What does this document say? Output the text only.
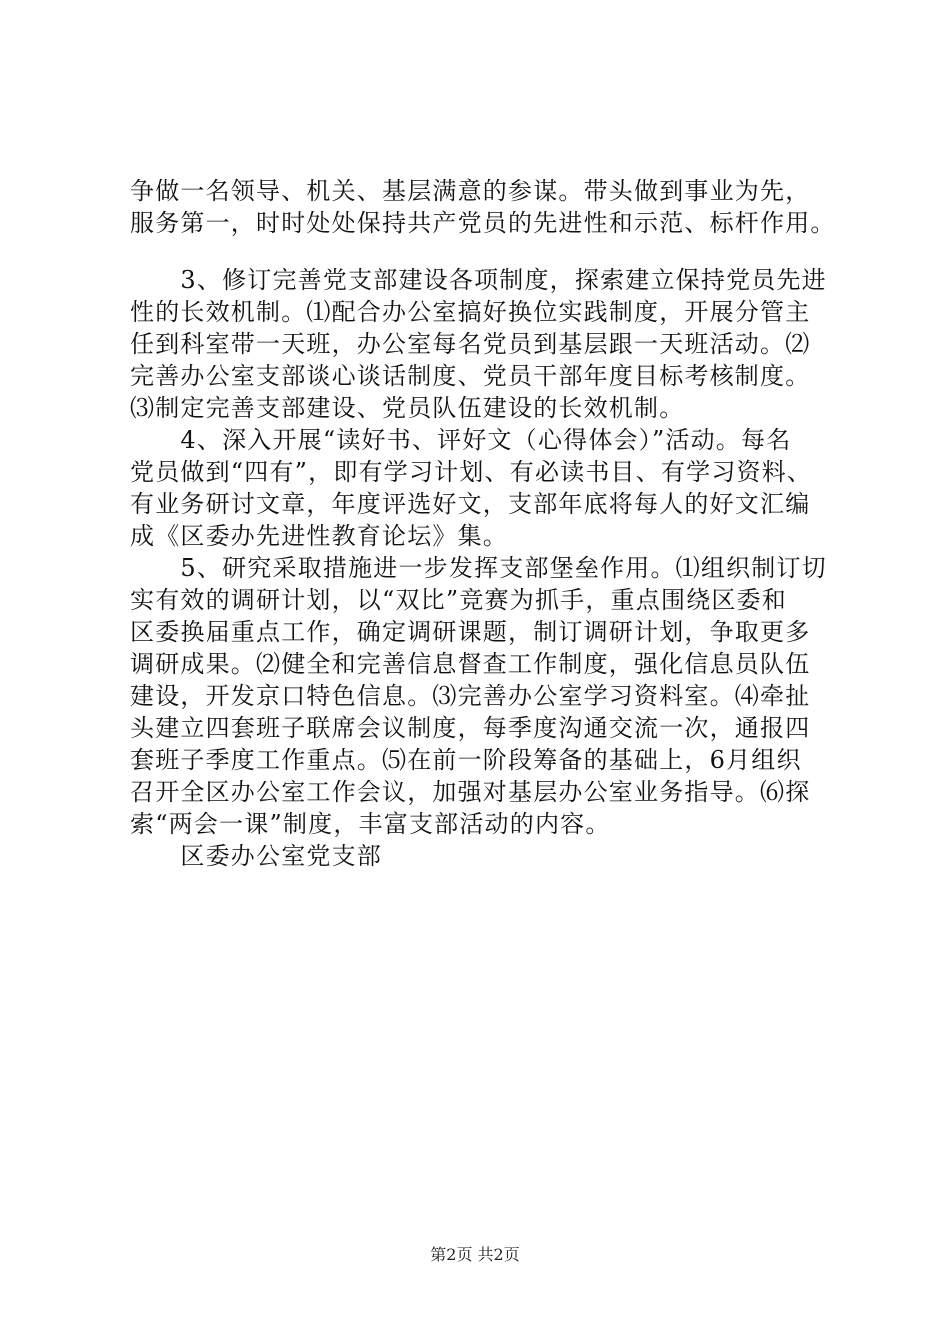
争做一名领导、机关、基层满意的参谋。带头做到事业为先，
服务第一，时时处处保持共产党员的先进性和示范、标杆作用。
　　3、修订完善党支部建设各项制度，探索建立保持党员先进
性的长效机制。⑴配合办公室搞好换位实践制度，开展分管主
任到科室带一天班，办公室每名党员到基层跟一天班活动。⑵
完善办公室支部谈心谈话制度、党员干部年度目标考核制度。
⑶制定完善支部建设、党员队伍建设的长效机制。
　　4、深入开展“读好书、评好文（心得体会）”活动。每名
党员做到“四有”，即有学习计划、有必读书目、有学习资料、
有业务研讨文章，年度评选好文，支部年底将每人的好文汇编
成《区委办先进性教育论坛》集。
　　5、研究采取措施进一步发挥支部堡垒作用。⑴组织制订切
实有效的调研计划，以“双比”竞赛为抓手，重点围绕区委和
区委换届重点工作，确定调研课题，制订调研计划，争取更多
调研成果。⑵健全和完善信息督查工作制度，强化信息员队伍
建设，开发京口特色信息。⑶完善办公室学习资料室。⑷牵扯
头建立四套班子联席会议制度，每季度沟通交流一次，通报四
套班子季度工作重点。⑸在前一阶段筹备的基础上，6月组织
召开全区办公室工作会议，加强对基层办公室业务指导。⑹探
索“两会一课”制度，丰富支部活动的内容。
　　区委办公室党支部
第2页 共2页
